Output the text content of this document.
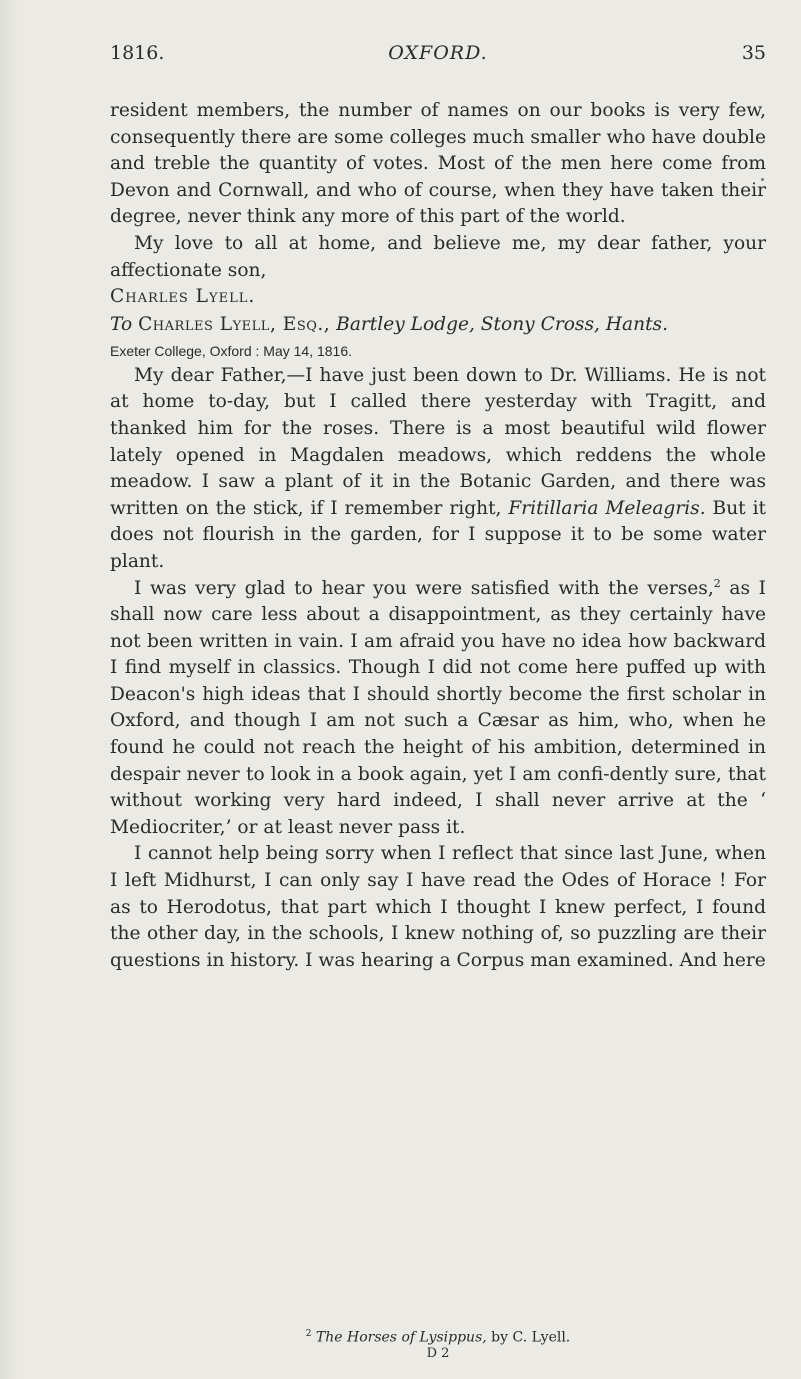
1816.	OXFORD.	35

resident members, the number of names on our books is very few, consequently there are some colleges much smaller who have double and treble the quantity of votes. Most of the men here come from Devon and Cornwall, and who of course, when they have taken their degree, never think any more of this part of the world.

My love to all at home, and believe me, my dear father, your affectionate son,

Charles Lyell.

To Charles Lyell, Esq., Bartley Lodge, Stony Cross, Hants.

Exeter College, Oxford : May 14, 1816.

My dear Father,—I have just been down to Dr. Williams. He is not at home to-day, but I called there yesterday with Tragitt, and thanked him for the roses. There is a most beautiful wild flower lately opened in Magdalen meadows, which reddens the whole meadow. I saw a plant of it in the Botanic Garden, and there was written on the stick, if I remember right, Fritillaria Meleagris. But it does not flourish in the garden, for I suppose it to be some water plant.

I was very glad to hear you were satisfied with the verses,$^2$ as I shall now care less about a disappointment, as they certainly have not been written in vain. I am afraid you have no idea how backward I find myself in classics. Though I did not come here puffed up with Deacon's high ideas that I should shortly become the first scholar in Oxford, and though I am not such a Cæsar as him, who, when he found he could not reach the height of his ambition, determined in despair never to look in a book again, yet I am confi-dently sure, that without working very hard indeed, I shall never arrive at the ‘ Mediocriter,’ or at least never pass it.

I cannot help being sorry when I reflect that since last June, when I left Midhurst, I can only say I have read the Odes of Horace ! For as to Herodotus, that part which I thought I knew perfect, I found the other day, in the schools, I knew nothing of, so puzzling are their questions in history. I was hearing a Corpus man examined. And here

$^2$ The Horses of Lysippus, by C. Lyell.
D 2
